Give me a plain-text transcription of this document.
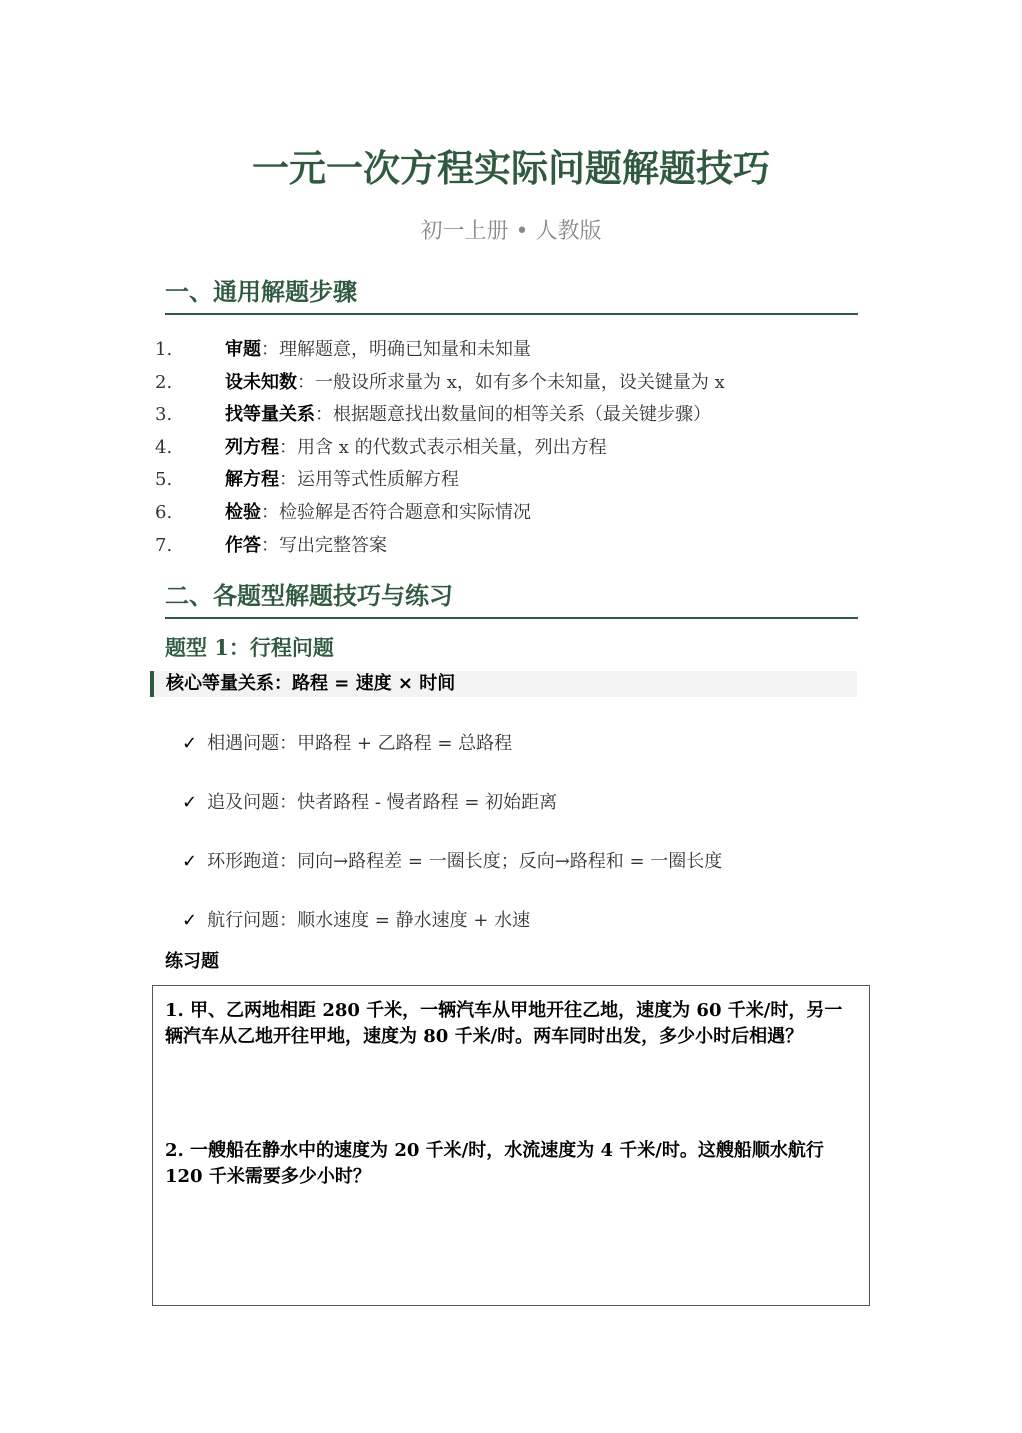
一元一次方程实际问题解题技巧
初一上册 • 人教版
一、通用解题步骤
1.	审题 ：理解题意，明确已知量和未知量
2.	设未知数 ：一般设所求量为 x，如有多个未知量，设关键量为 x
3.	找等量关系 ：根据题意找出数量间的相等关系（最关键步骤）
4.	列方程 ：用含 x 的代数式表示相关量，列出方程
5.	解方程 ：运用等式性质解方程
6.	检验 ：检验解是否符合题意和实际情况
7.	作答 ：写出完整答案
二、各题型解题技巧与练习
题型 1：行程问题
核心等量关系：路程 = 速度 × 时间
✓ 相遇问题：甲路程 + 乙路程 = 总路程
✓ 追及问题：快者路程 - 慢者路程 = 初始距离
✓ 环形跑道：同向→路程差 = 一圈长度；反向→路程和 = 一圈长度
✓ 航行问题：顺水速度 = 静水速度 + 水速
练习题

1. 甲、乙两地相距 280 千米，一辆汽车从甲地开往乙地，速度为 60 千米/时，另一辆汽车从乙地开往甲地，速度为 80 千米/时。两车同时出发，多少小时后相遇？

2. 一艘船在静水中的速度为 20 千米/时，水流速度为 4 千米/时。这艘船顺水航行 120 千米需要多少小时？
